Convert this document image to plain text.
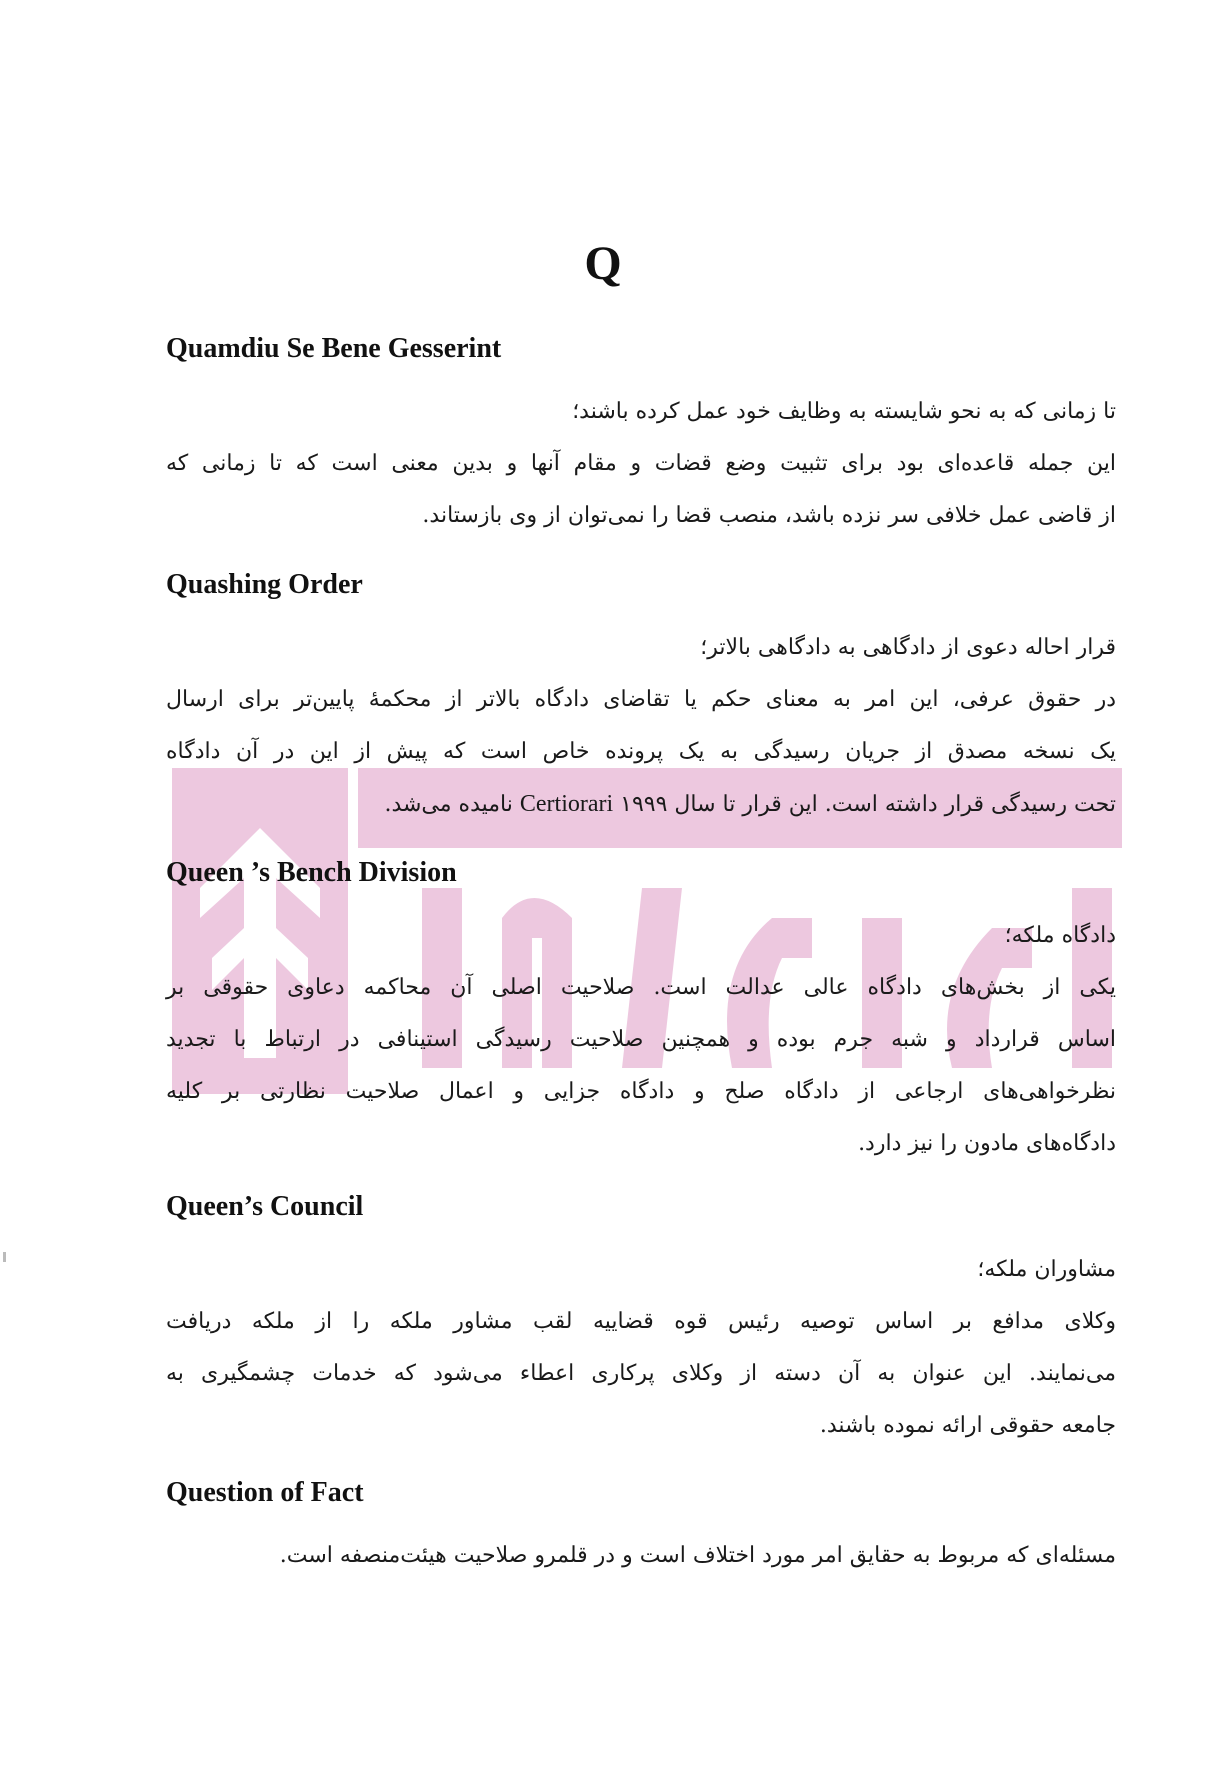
Q
Quamdiu Se Bene Gesserint
تا زمانی که به نحو شایسته به وظایف خود عمل کرده باشند؛
این جمله قاعده‌ای بود برای تثبیت وضع قضات و مقام آنها و بدین معنی است که تا زمانی که
از قاضی عمل خلافی سر نزده باشد، منصب قضا را نمی‌توان از وی بازستاند.
Quashing Order
قرار احاله دعوی از دادگاهی به دادگاهی بالاتر؛
در حقوق عرفی، این امر به معنای حکم یا تقاضای دادگاه بالاتر از محکمهٔ پایین‌تر برای ارسال
یک نسخه مصدق از جریان رسیدگی به یک پرونده خاص است که پیش از این در آن دادگاه
تحت رسیدگی قرار داشته است. این قرار تا سال ۱۹۹۹ Certiorari نامیده می‌شد.
Queen ’s Bench Division
دادگاه ملکه؛
یکی از بخش‌های دادگاه عالی عدالت است. صلاحیت اصلی آن محاکمه دعاوی حقوقی بر
اساس قرارداد و شبه جرم بوده و همچنین صلاحیت رسیدگی استینافی در ارتباط با تجدید
نظرخواهی‌های ارجاعی از دادگاه صلح و دادگاه جزایی و اعمال صلاحیت نظارتی بر کلیه
دادگاه‌های مادون را نیز دارد.
Queen’s Council
مشاوران ملکه؛
وکلای مدافع بر اساس توصیه رئیس قوه قضاییه لقب مشاور ملکه را از ملکه دریافت
می‌نمایند. این عنوان به آن دسته از وکلای پرکاری اعطاء می‌شود که خدمات چشمگیری به
جامعه حقوقی ارائه نموده باشند.
Question of Fact
مسئله‌ای که مربوط به حقایق امر مورد اختلاف است و در قلمرو صلاحیت هیئت‌منصفه است.
